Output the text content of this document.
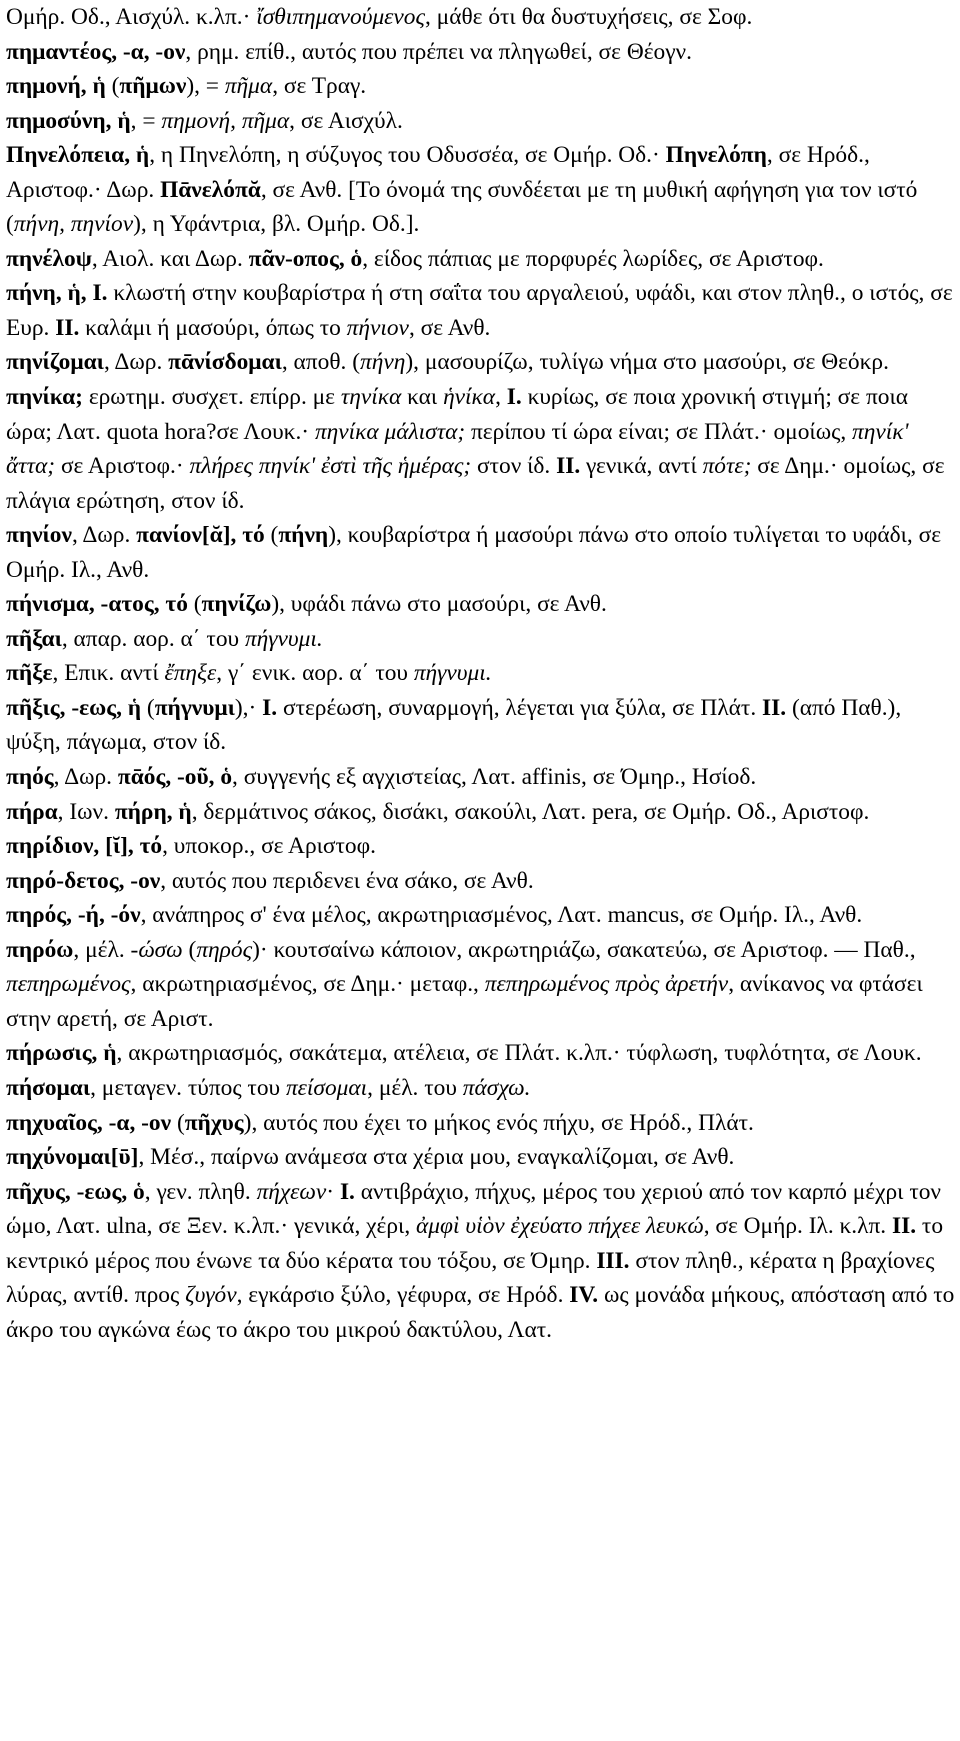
Ομήρ. Οδ., Αισχύλ. κ.λπ.· ἴσθιπημανούμενος, μάθε ότι θα δυστυχήσεις, σε Σοφ.

πημαντέος, -α, -ον, ρημ. επίθ., αυτός που πρέπει να πληγωθεί, σε Θέογν.

πημονή, ἡ (πῆμων), = πῆμα, σε Τραγ.

πημοσύνη, ἡ, = πημονή, πῆμα, σε Αισχύλ.

Πηνελόπεια, ἡ, η Πηνελόπη, η σύζυγος του Οδυσσέα, σε Ομήρ. Οδ.· Πηνελόπη, σε Ηρόδ., Αριστοφ.· Δωρ. Πᾱνελόπᾰ, σε Ανθ. [Το όνομά της συνδέεται με τη μυθική αφήγηση για τον ιστό (πήνη, πηνίον), η Υφάντρια, βλ. Ομήρ. Οδ.].

πηνέλοψ, Αιολ. και Δωρ. πᾶν-οπος, ὁ, είδος πάπιας με πορφυρές λωρίδες, σε Αριστοφ.

πήνη, ἡ, I. κλωστή στην κουβαρίστρα ή στη σαΐτα του αργαλειού, υφάδι, και στον πληθ., ο ιστός, σε Ευρ. II. καλάμι ή μασούρι, όπως το πήνιον, σε Ανθ.

πηνίζομαι, Δωρ. πᾱνίσδομαι, αποθ. (πήνη), μασουρίζω, τυλίγω νήμα στο μασούρι, σε Θεόκρ.

πηνίκα; ερωτημ. συσχετ. επίρρ. με τηνίκα και ἡνίκα, I. κυρίως, σε ποια χρονική στιγμή; σε ποια ώρα; Λατ. quota hora?σε Λουκ.· πηνίκα μάλιστα; περίπου τί ώρα είναι; σε Πλάτ.· ομοίως, πηνίκ' ἄττα; σε Αριστοφ.· πλήρες πηνίκ' ἐστὶ τῆς ἡμέρας; στον ίδ. II. γενικά, αντί πότε; σε Δημ.· ομοίως, σε πλάγια ερώτηση, στον ίδ.

πηνίον, Δωρ. πανίον[ᾰ], τό (πήνη), κουβαρίστρα ή μασούρι πάνω στο οποίο τυλίγεται το υφάδι, σε Ομήρ. Ιλ., Ανθ.

πήνισμα, -ατος, τό (πηνίζω), υφάδι πάνω στο μασούρι, σε Ανθ.

πῆξαι, απαρ. αορ. α΄ του πήγνυμι.

πῆξε, Επικ. αντί ἔπηξε, γ΄ ενικ. αορ. α΄ του πήγνυμι.

πῆξις, -εως, ἡ (πήγνυμι),· I. στερέωση, συναρμογή, λέγεται για ξύλα, σε Πλάτ. II. (από Παθ.), ψύξη, πάγωμα, στον ίδ.

πηός, Δωρ. πᾱός, -οῦ, ὁ, συγγενής εξ αγχιστείας, Λατ. affinis, σε Όμηρ., Ησίοδ.

πήρα, Ιων. πήρη, ἡ, δερμάτινος σάκος, δισάκι, σακούλι, Λατ. pera, σε Ομήρ. Οδ., Αριστοφ.

πηρίδιον, [ῐ], τό, υποκορ., σε Αριστοφ.

πηρό-δετος, -ον, αυτός που περιδενει ένα σάκο, σε Ανθ.

πηρός, -ή, -όν, ανάπηρος σ' ένα μέλος, ακρωτηριασμένος, Λατ. mancus, σε Ομήρ. Ιλ., Ανθ.

πηρόω, μέλ. -ώσω (πηρός)· κουτσαίνω κάποιον, ακρωτηριάζω, σακατεύω, σε Αριστοφ. — Παθ., πεπηρωμένος, ακρωτηριασμένος, σε Δημ.· μεταφ., πεπηρωμένος πρὸς ἀρετήν, ανίκανος να φτάσει στην αρετή, σε Αριστ.

πήρωσις, ἡ, ακρωτηριασμός, σακάτεμα, ατέλεια, σε Πλάτ. κ.λπ.· τύφλωση, τυφλότητα, σε Λουκ.

πήσομαι, μεταγεν. τύπος του πείσομαι, μέλ. του πάσχω.

πηχυαῖος, -α, -ον (πῆχυς), αυτός που έχει το μήκος ενός πήχυ, σε Ηρόδ., Πλάτ.

πηχύνομαι[ῡ], Μέσ., παίρνω ανάμεσα στα χέρια μου, εναγκαλίζομαι, σε Ανθ.

πῆχυς, -εως, ὁ, γεν. πληθ. πήχεων· I. αντιβράχιο, πήχυς, μέρος του χεριού από τον καρπό μέχρι τον ώμο, Λατ. ulna, σε Ξεν. κ.λπ.· γενικά, χέρι, ἀμφὶ υἱὸν ἐχεύατο πήχεε λευκώ, σε Ομήρ. Ιλ. κ.λπ. II. το κεντρικό μέρος που ένωνε τα δύο κέρατα του τόξου, σε Όμηρ. III. στον πληθ., κέρατα η βραχίονες λύρας, αντίθ. προς ζυγόν, εγκάρσιο ξύλο, γέφυρα, σε Ηρόδ. IV. ως μονάδα μήκους, απόσταση από το άκρο του αγκώνα έως το άκρο του μικρού δακτύλου, Λατ.
